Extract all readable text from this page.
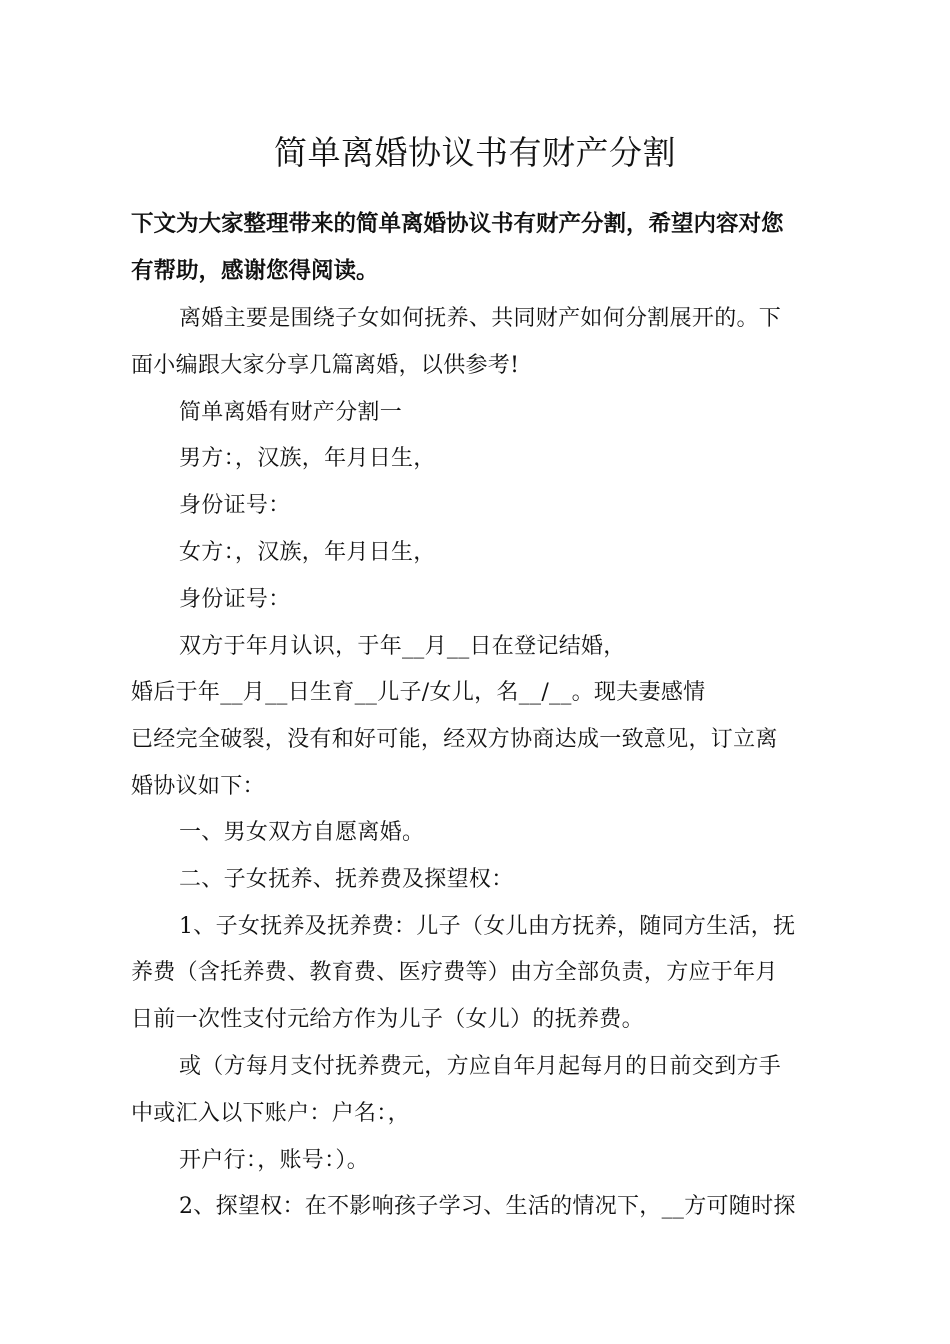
简单离婚协议书有财产分割
下文为大家整理带来的简单离婚协议书有财产分割，希望内容对您
有帮助，感谢您得阅读。
离婚主要是围绕子女如何抚养、共同财产如何分割展开的。下
面小编跟大家分享几篇离婚，以供参考!
简单离婚有财产分割一
男方：，汉族，年月日生，
身份证号：
女方：，汉族，年月日生，
身份证号：
双方于年月认识，于年__月__日在登记结婚，
婚后于年__月__日生育__儿子/女儿，名__/__。现夫妻感情
已经完全破裂，没有和好可能，经双方协商达成一致意见，订立离
婚协议如下：
一、男女双方自愿离婚。
二、子女抚养、抚养费及探望权：
1、子女抚养及抚养费：儿子（女儿由方抚养，随同方生活，抚
养费（含托养费、教育费、医疗费等）由方全部负责，方应于年月
日前一次性支付元给方作为儿子（女儿）的抚养费。
或（方每月支付抚养费元，方应自年月起每月的日前交到方手
中或汇入以下账户：户名：，
开户行：，账号：）。
2、探望权：在不影响孩子学习、生活的情况下，__方可随时探
